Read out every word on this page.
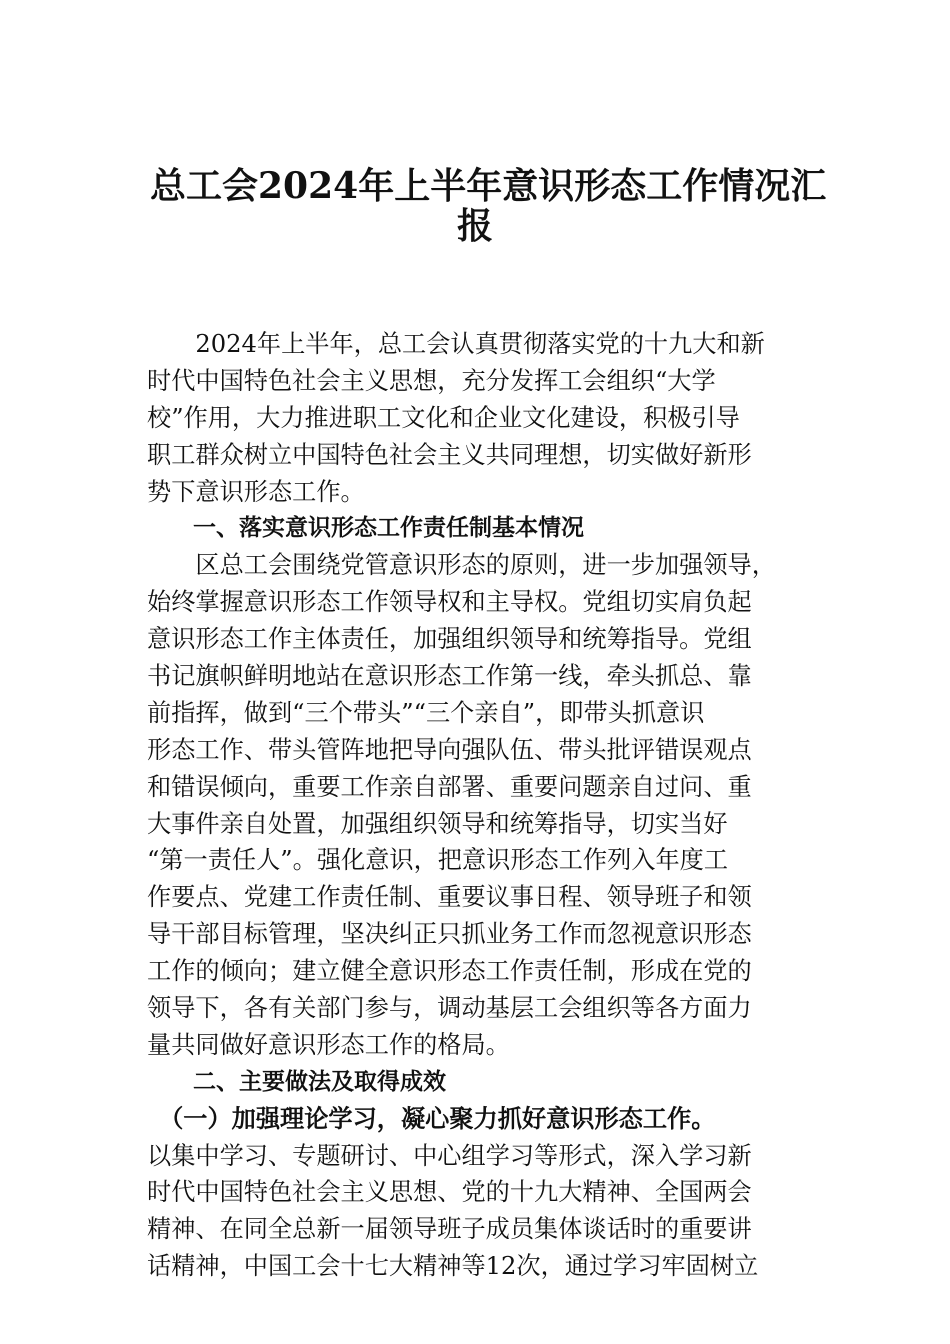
总工会2024年上半年意识形态工作情况汇
报
　　2024年上半年，总工会认真贯彻落实党的十九大和新
时代中国特色社会主义思想，充分发挥工会组织“大学
校”作用，大力推进职工文化和企业文化建设，积极引导
职工群众树立中国特色社会主义共同理想，切实做好新形
势下意识形态工作。
　　一、落实意识形态工作责任制基本情况
　　区总工会围绕党管意识形态的原则，进一步加强领导，
始终掌握意识形态工作领导权和主导权。党组切实肩负起
意识形态工作主体责任，加强组织领导和统筹指导。党组
书记旗帜鲜明地站在意识形态工作第一线，牵头抓总、靠
前指挥，做到“三个带头”“三个亲自”，即带头抓意识
形态工作、带头管阵地把导向强队伍、带头批评错误观点
和错误倾向，重要工作亲自部署、重要问题亲自过问、重
大事件亲自处置，加强组织领导和统筹指导，切实当好
“第一责任人”。强化意识，把意识形态工作列入年度工
作要点、党建工作责任制、重要议事日程、领导班子和领
导干部目标管理，坚决纠正只抓业务工作而忽视意识形态
工作的倾向；建立健全意识形态工作责任制，形成在党的
领导下，各有关部门参与，调动基层工会组织等各方面力
量共同做好意识形态工作的格局。
　　二、主要做法及取得成效
　（一）加强理论学习，凝心聚力抓好意识形态工作。
以集中学习、专题研讨、中心组学习等形式，深入学习新
时代中国特色社会主义思想、党的十九大精神、全国两会
精神、在同全总新一届领导班子成员集体谈话时的重要讲
话精神，中国工会十七大精神等12次，通过学习牢固树立
